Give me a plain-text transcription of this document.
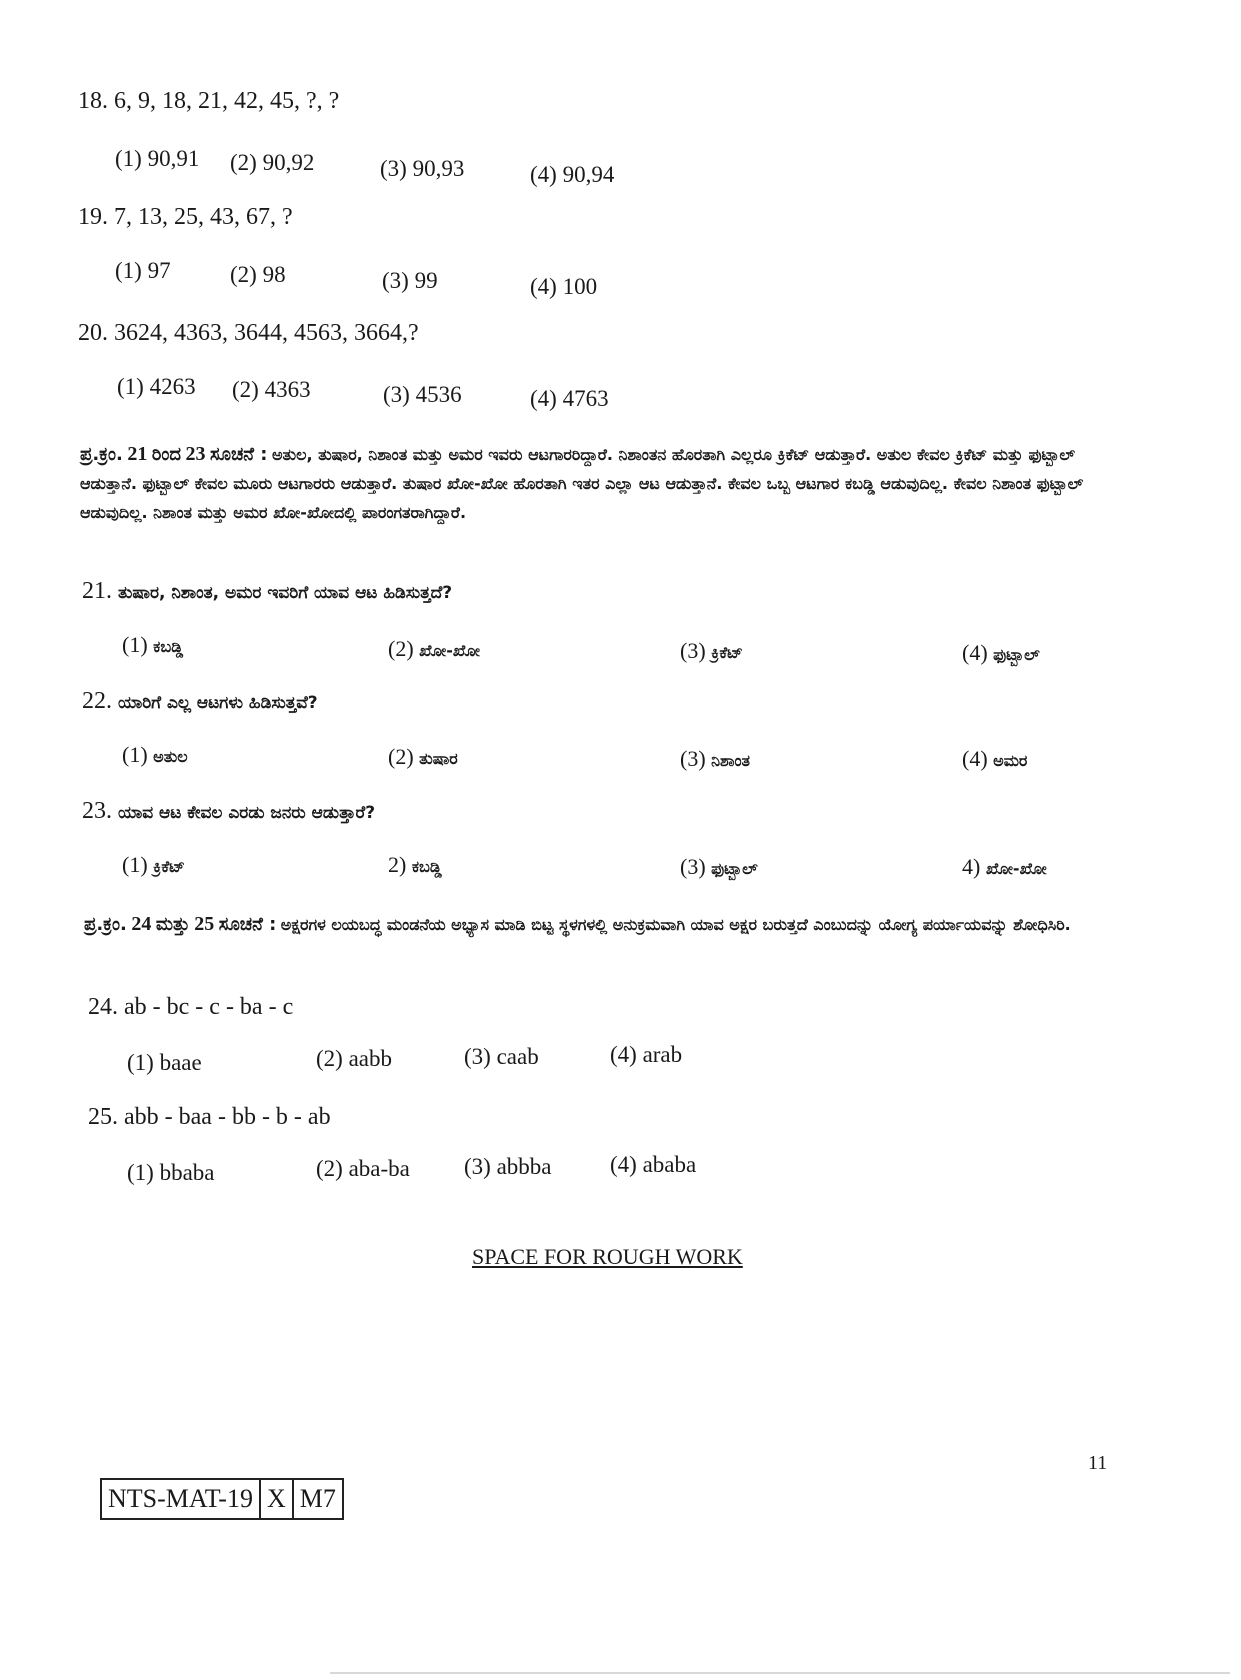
18. 6, 9, 18, 21, 42, 45, ?, ?
(1) 90,91 (2) 90,92	(3) 90,93	(4) 90,94
19. 7, 13, 25, 43, 67, ?
(1) 97	(2) 98	(3) 99	(4) 100
20. 3624, 4363, 3644, 4563, 3664,?
(1) 4263 (2) 4363	(3) 4536	(4) 4763
ಪ್ರ.ಕ್ರಂ. 21 ರಿಂದ 23 ಸೂಚನೆ : ಅತುಲ, ತುಷಾರ, ನಿಶಾಂತ ಮತ್ತು ಅಮರ ಇವರು ಆಟಗಾರರಿದ್ದಾರೆ. ನಿಶಾಂತನ ಹೊರತಾಗಿ ಎಲ್ಲರೂ ಕ್ರಿಕೆಟ್ ಆಡುತ್ತಾರೆ. ಅತುಲ ಕೇವಲ ಕ್ರಿಕೆಟ್ ಮತ್ತು ಫುಟ್ಬಾಲ್ ಆಡುತ್ತಾನೆ. ಫುಟ್ಬಾಲ್ ಕೇವಲ ಮೂರು ಆಟಗಾರರು ಆಡುತ್ತಾರೆ. ತುಷಾರ ಖೋ-ಖೋ ಹೊರತಾಗಿ ಇತರ ಎಲ್ಲಾ ಆಟ ಆಡುತ್ತಾನೆ. ಕೇವಲ ಒಬ್ಬ ಆಟಗಾರ ಕಬಡ್ಡಿ ಆಡುವುದಿಲ್ಲ. ಕೇವಲ ನಿಶಾಂತ ಫುಟ್ಬಾಲ್ ಆಡುವುದಿಲ್ಲ. ನಿಶಾಂತ ಮತ್ತು ಅಮರ ಖೋ-ಖೋದಲ್ಲಿ ಪಾರಂಗತರಾಗಿದ್ದಾರೆ.
21. ತುಷಾರ, ನಿಶಾಂತ, ಅಮರ ಇವರಿಗೆ ಯಾವ ಆಟ ಹಿಡಿಸುತ್ತದೆ?
(1) ಕಬಡ್ಡಿ	(2) ಖೋ-ಖೋ	(3) ಕ್ರಿಕೆಟ್	(4) ಫುಟ್ಬಾಲ್
22. ಯಾರಿಗೆ ಎಲ್ಲ ಆಟಗಳು ಹಿಡಿಸುತ್ತವೆ?
(1) ಅತುಲ	(2) ತುಷಾರ	(3) ನಿಶಾಂತ	(4) ಅಮರ
23. ಯಾವ ಆಟ ಕೇವಲ ಎರಡು ಜನರು ಆಡುತ್ತಾರೆ?
(1) ಕ್ರಿಕೆಟ್	2) ಕಬಡ್ಡಿ	(3) ಫುಟ್ಬಾಲ್	4) ಖೋ-ಖೋ
ಪ್ರ.ಕ್ರಂ. 24 ಮತ್ತು 25 ಸೂಚನೆ : ಅಕ್ಷರಗಳ ಲಯಬದ್ಧ ಮಂಡನೆಯ ಅಭ್ಯಾಸ ಮಾಡಿ ಬಿಟ್ಟ ಸ್ಥಳಗಳಲ್ಲಿ ಅನುಕ್ರಮವಾಗಿ ಯಾವ ಅಕ್ಷರ ಬರುತ್ತದೆ ಎಂಬುದನ್ನು ಯೋಗ್ಯ ಪರ್ಯಾಯವನ್ನು ಶೋಧಿಸಿರಿ.
24. ab - bc - c - ba - c
(1) baae	(2) aabb	(3) caab	(4) arab
25. abb - baa - bb - b - ab
(1) bbaba	(2) aba-ba (3) abbba	(4) ababa
SPACE FOR ROUGH WORK
11
NTS-MAT-19 X M7
